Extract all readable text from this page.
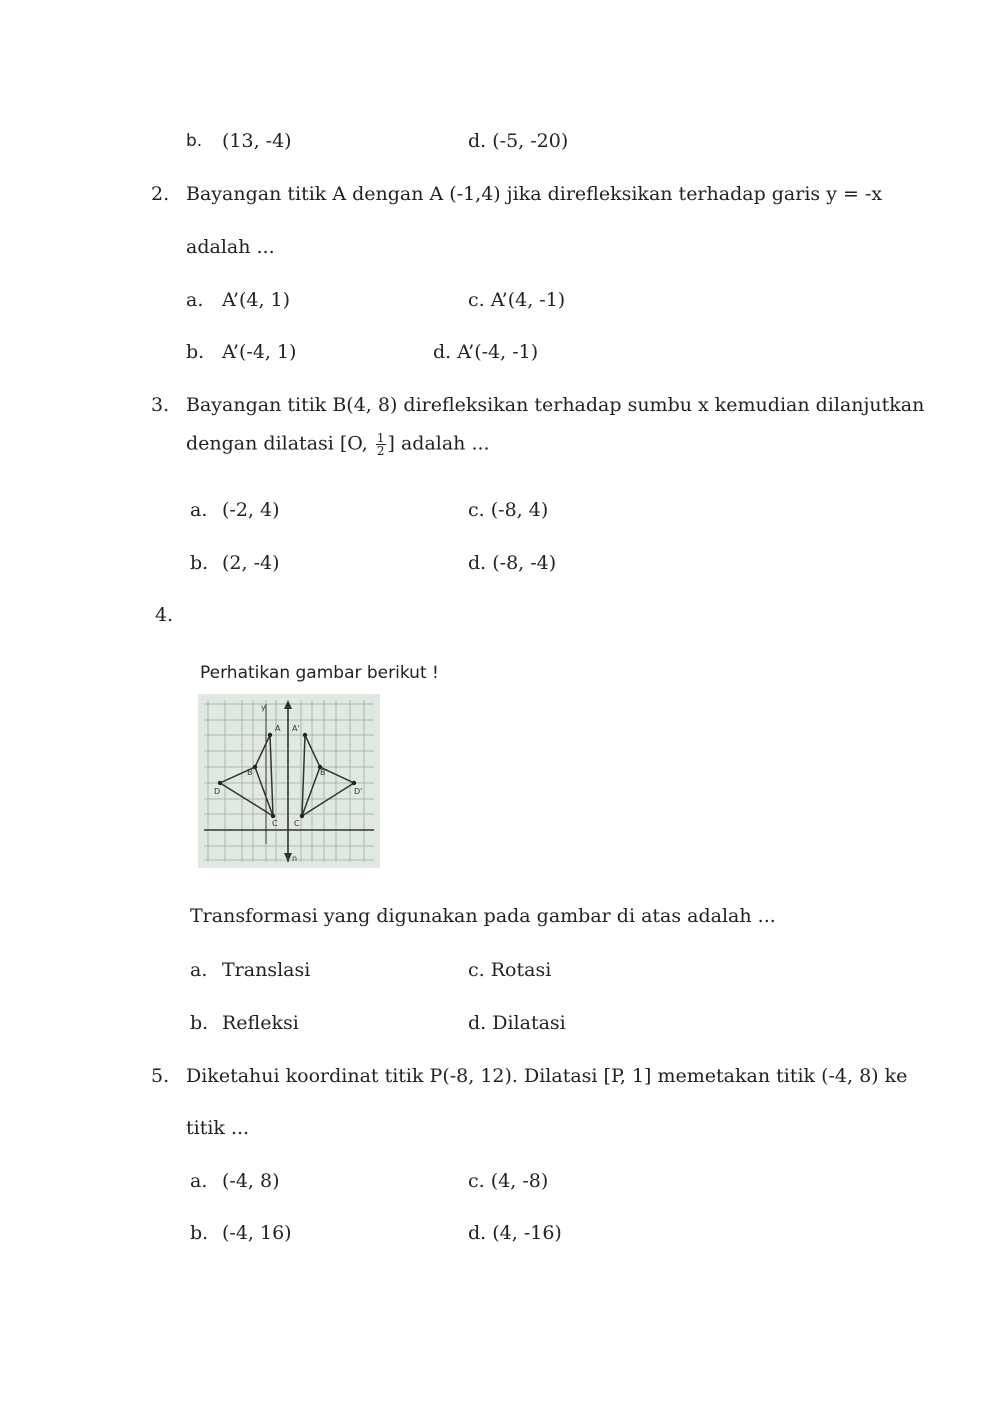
b. (13, -4)	d. (-5, -20)
2. Bayangan titik A dengan A (-1,4) jika direfleksikan terhadap garis y = -x
adalah ...
a. A’(4, 1)	c. A’(4, -1)
b. A’(-4, 1)	d. A’(-4, -1)
3. Bayangan titik B(4, 8) direfleksikan terhadap sumbu x kemudian dilanjutkan
dengan dilatasi [O, $\frac{1}{2}$ ] adalah ...
a. (-2, 4)	c. (-8, 4)
b. (2, -4)	d. (-8, -4)
4.
Perhatikan gambar berikut !
A
B
D
C
A'
B'
D'
C
y
n
Transformasi yang digunakan pada gambar di atas adalah ...
a. Translasi	c. Rotasi
b. Refleksi	d. Dilatasi
5. Diketahui koordinat titik P(-8, 12). Dilatasi [P, 1] memetakan titik (-4, 8) ke
titik ...
a. (-4, 8)	c. (4, -8)
b. (-4, 16)	d. (4, -16)
